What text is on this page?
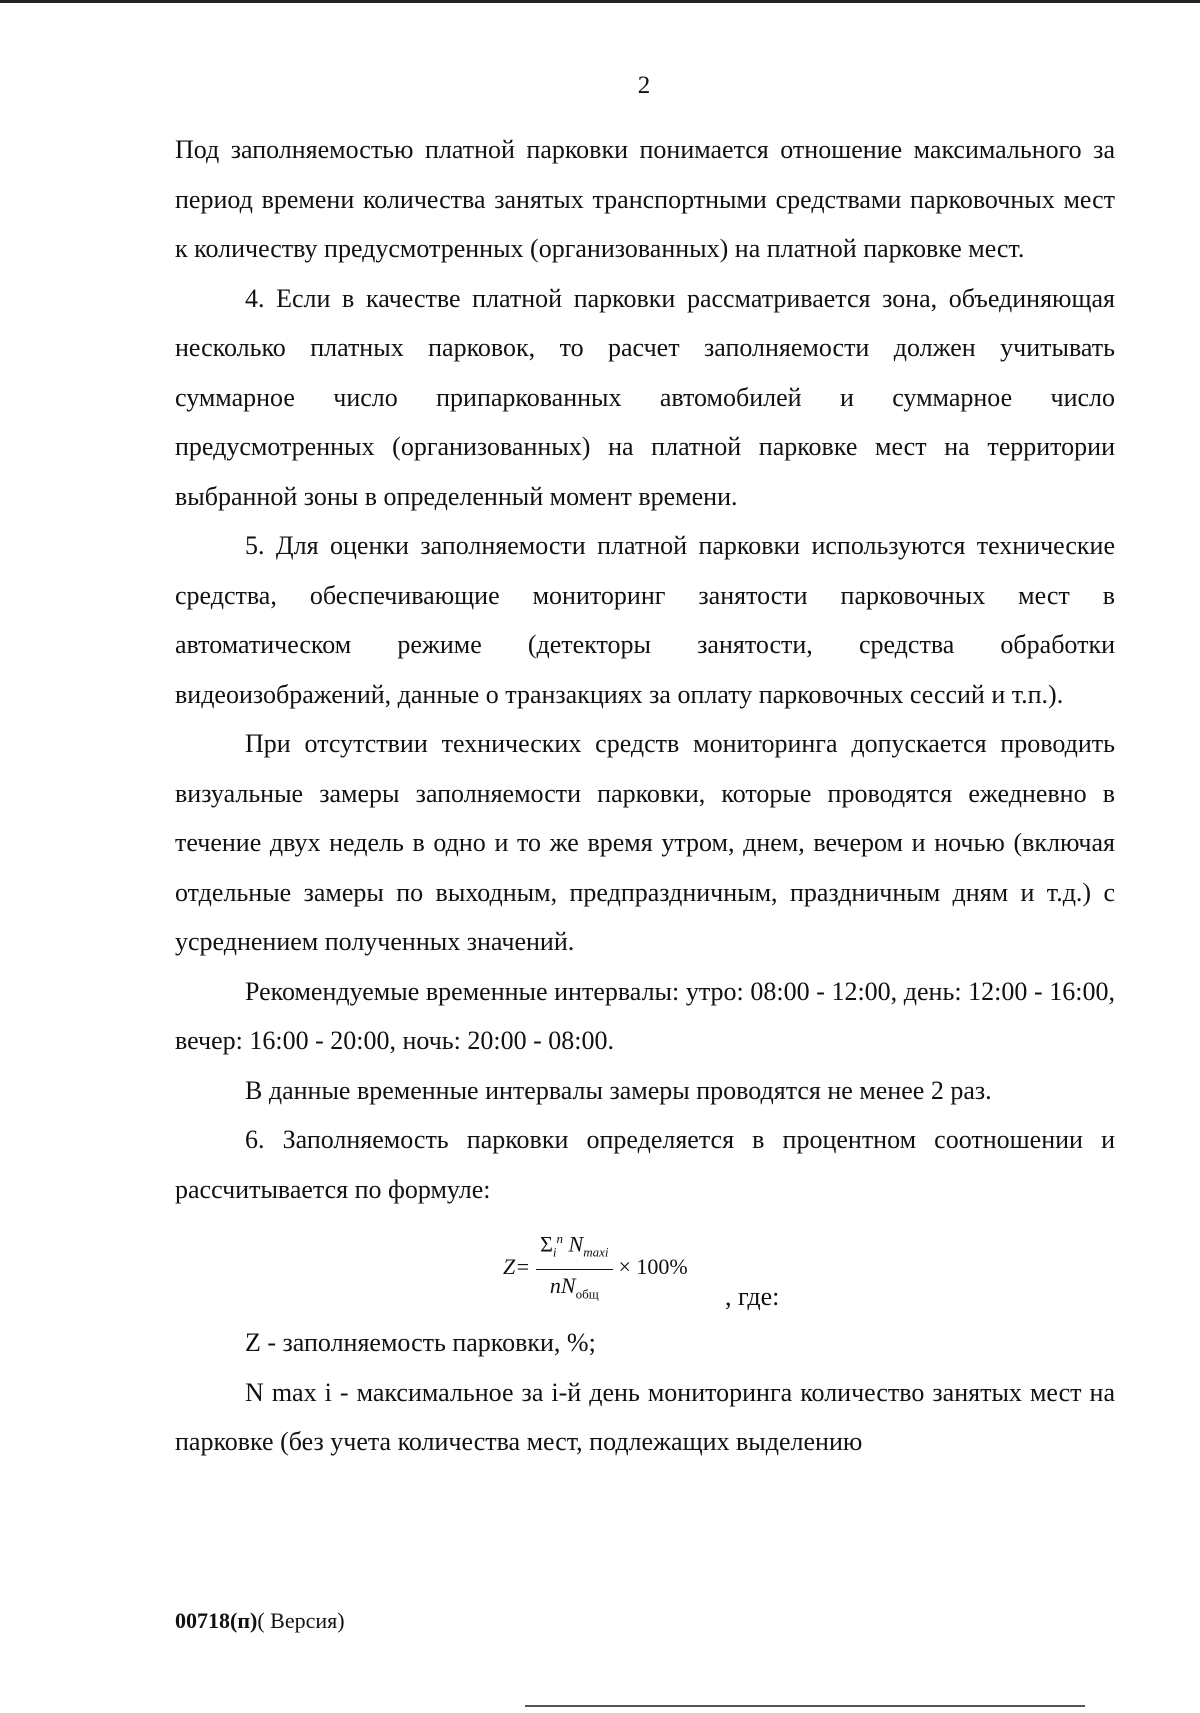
2

Под заполняемостью платной парковки понимается отношение максимального за период времени количества занятых транспортными средствами парковочных мест к количеству предусмотренных (организованных) на платной парковке мест.

4. Если в качестве платной парковки рассматривается зона, объединяющая несколько платных парковок, то расчет заполняемости должен учитывать суммарное число припаркованных автомобилей и суммарное число предусмотренных (организованных) на платной парковке мест на территории выбранной зоны в определенный момент времени.

5. Для оценки заполняемости платной парковки используются технические средства, обеспечивающие мониторинг занятости парковочных мест в автоматическом режиме (детекторы занятости, средства обработки видеоизображений, данные о транзакциях за оплату парковочных сессий и т.п.).

При отсутствии технических средств мониторинга допускается проводить визуальные замеры заполняемости парковки, которые проводятся ежедневно в течение двух недель в одно и то же время утром, днем, вечером и ночью (включая отдельные замеры по выходным, предпраздничным, праздничным дням и т.д.) с усреднением полученных значений.

Рекомендуемые временные интервалы: утро: 08:00 - 12:00, день: 12:00 - 16:00, вечер: 16:00 - 20:00, ночь: 20:00 - 08:00.

В данные временные интервалы замеры проводятся не менее 2 раз.

6. Заполняемость парковки определяется в процентном соотношении и рассчитывается по формуле:

$Z= \frac{\Sigma_i^n N_{maxi}}{nN_{общ}} \times 100\%$
, где:

Z - заполняемость парковки, %;

N max i - максимальное за i-й день мониторинга количество занятых мест на парковке (без учета количества мест, подлежащих выделению

00718(п)( Версия)
